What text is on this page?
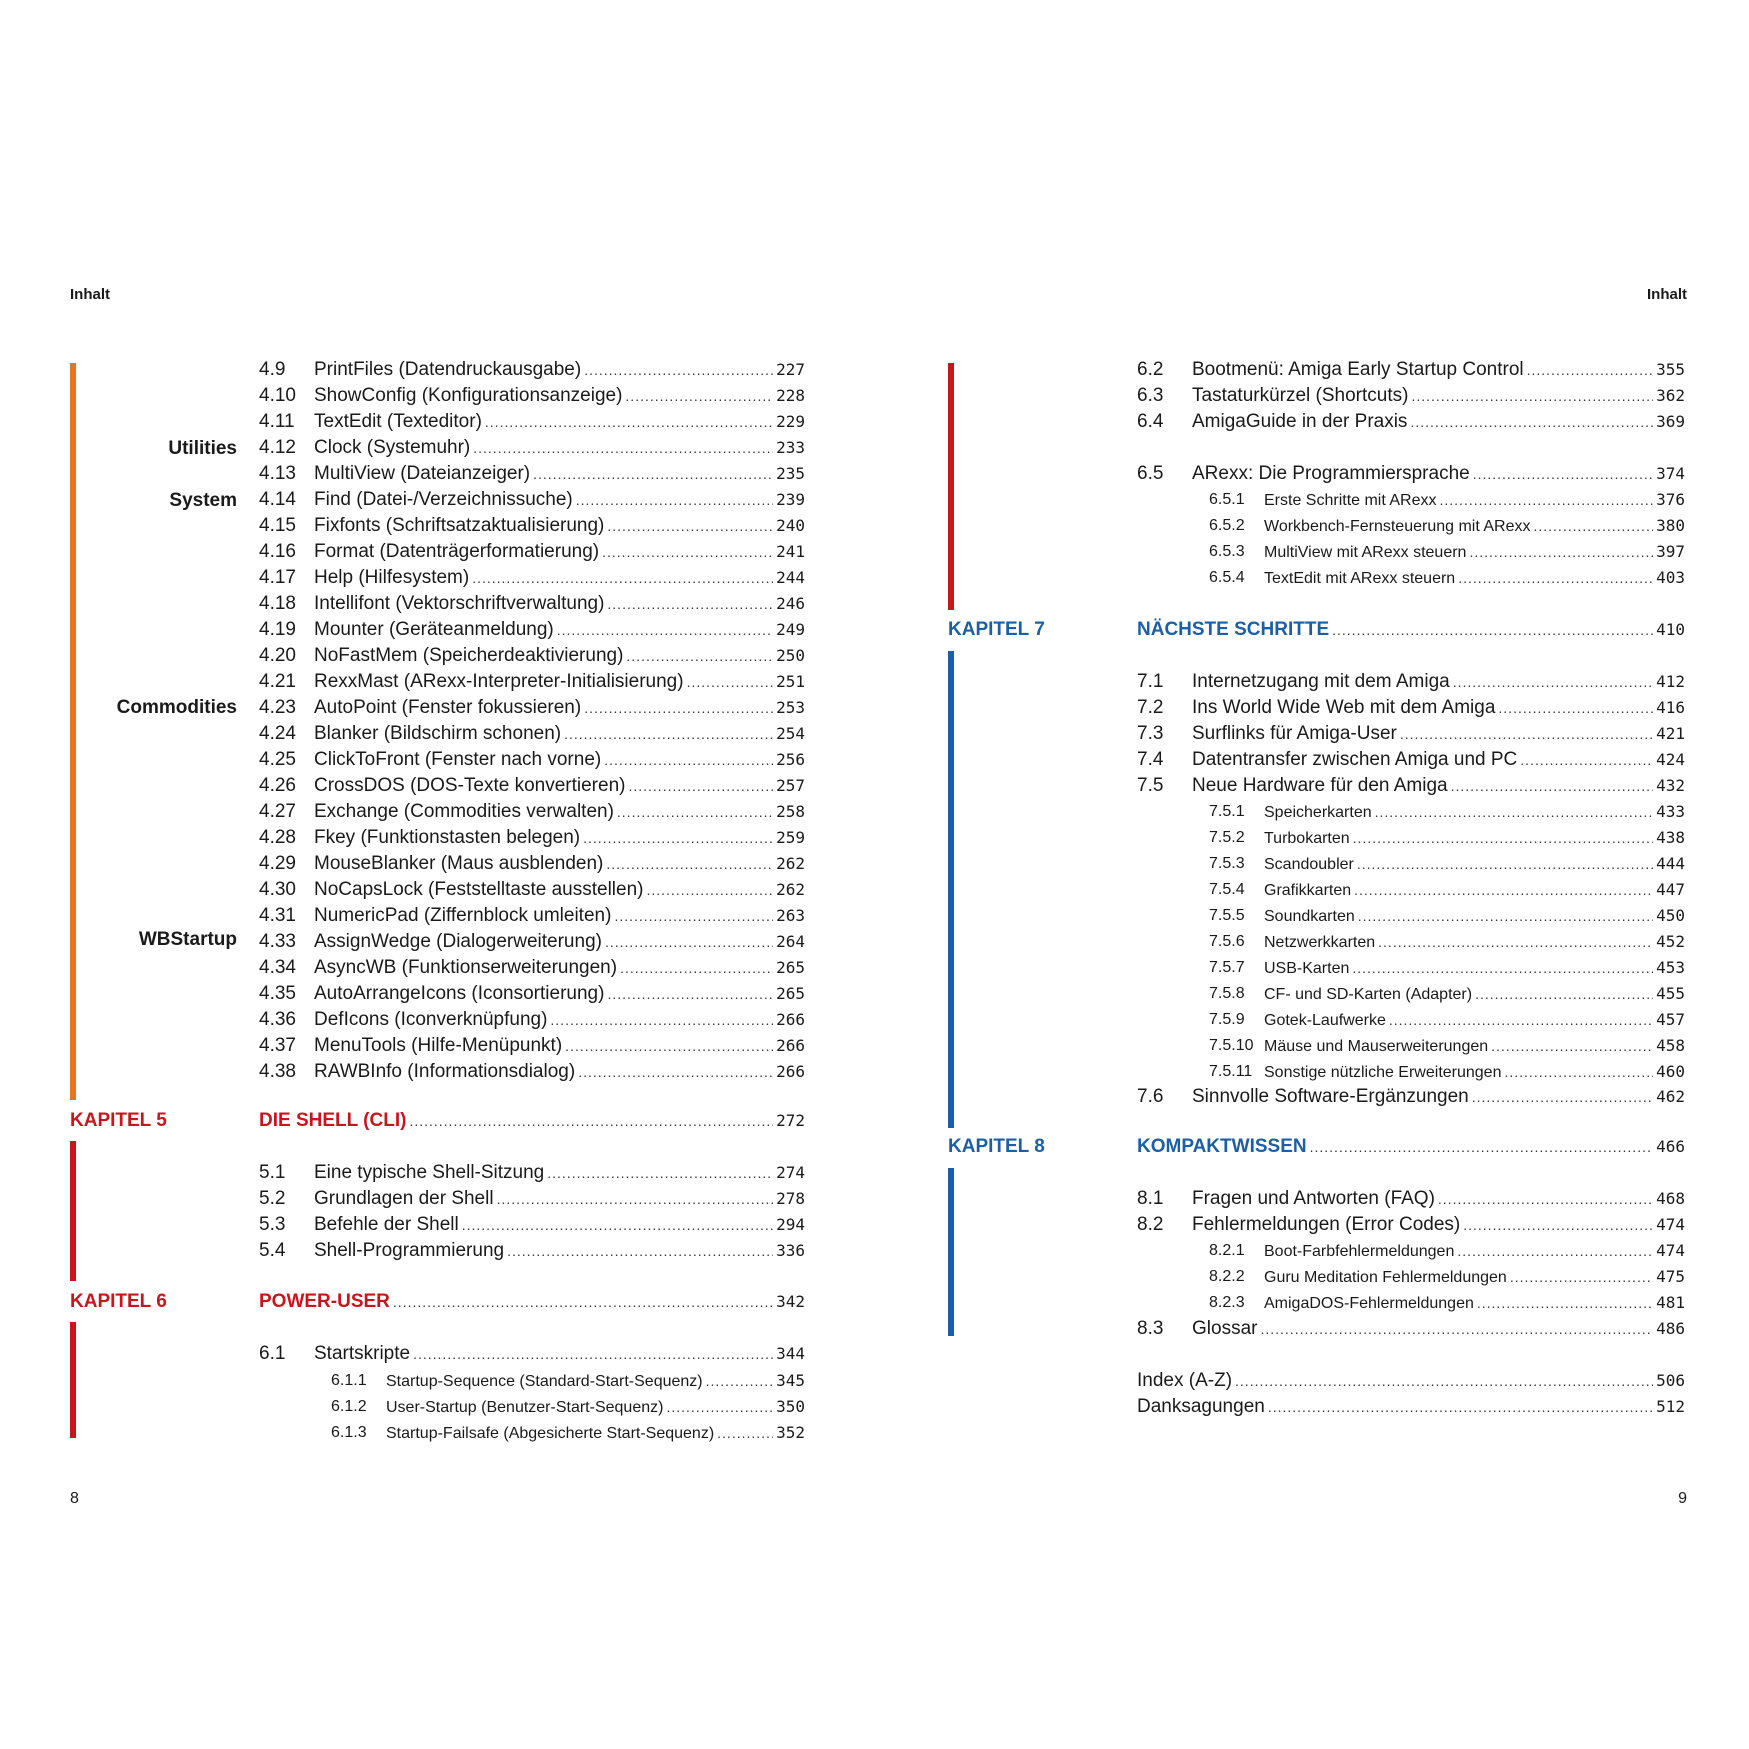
Inhalt
Utilities
System
Commodities
WBStartup
4.9 PrintFiles (Datendruckausgabe) .....	227
4.10 ShowConfig (Konfigurationsanzeige) .....	228
4.11 TextEdit (Texteditor) .....	229
4.12 Clock (Systemuhr) .....	233
4.13 MultiView (Dateianzeiger) .....	235
4.14 Find (Datei-/Verzeichnissuche) .....	239
4.15 Fixfonts (Schriftsatzaktualisierung) .....	240
4.16 Format (Datenträgerformatierung) .....	241
4.17 Help (Hilfesystem) .....	244
4.18 Intellifont (Vektorschriftverwaltung) .....	246
4.19 Mounter (Geräteanmeldung) .....	249
4.20 NoFastMem (Speicherdeaktivierung) .....	250
4.21 RexxMast (ARexx-Interpreter-Initialisierung) .....	251
4.23 AutoPoint (Fenster fokussieren) .....	253
4.24 Blanker (Bildschirm schonen) .....	254
4.25 ClickToFront (Fenster nach vorne) .....	256
4.26 CrossDOS (DOS-Texte konvertieren) .....	257
4.27 Exchange (Commodities verwalten) .....	258
4.28 Fkey (Funktionstasten belegen) .....	259
4.29 MouseBlanker (Maus ausblenden) .....	262
4.30 NoCapsLock (Feststelltaste ausstellen) .....	262
4.31 NumericPad (Ziffernblock umleiten) .....	263
4.33 AssignWedge (Dialogerweiterung) .....	264
4.34 AsyncWB (Funktionserweiterungen) .....	265
4.35 AutoArrangeIcons (Iconsortierung) .....	265
4.36 DefIcons (Iconverknüpfung) .....	266
4.37 MenuTools (Hilfe-Menüpunkt) .....	266
4.38 RAWBInfo (Informationsdialog) .....	266
KAPITEL 5	DIE SHELL (CLI) .....	272
5.1 Eine typische Shell-Sitzung .....	274
5.2 Grundlagen der Shell .....	278
5.3 Befehle der Shell .....	294
5.4 Shell-Programmierung .....	336
KAPITEL 6	POWER-USER .....	342
6.1 Startskripte .....	344
6.1.1 Startup-Sequence (Standard-Start-Sequenz) .....	345
6.1.2 User-Startup (Benutzer-Start-Sequenz) .....	350
6.1.3 Startup-Failsafe (Abgesicherte Start-Sequenz) .....	352
8
Inhalt
6.2 Bootmenü: Amiga Early Startup Control .....	355
6.3 Tastaturkürzel (Shortcuts) .....	362
6.4 AmigaGuide in der Praxis .....	369
6.5 ARexx: Die Programmiersprache .....	374
6.5.1 Erste Schritte mit ARexx .....	376
6.5.2 Workbench-Fernsteuerung mit ARexx .....	380
6.5.3 MultiView mit ARexx steuern .....	397
6.5.4 TextEdit mit ARexx steuern .....	403
KAPITEL 7	NÄCHSTE SCHRITTE .....	410
7.1 Internetzugang mit dem Amiga .....	412
7.2 Ins World Wide Web mit dem Amiga .....	416
7.3 Surflinks für Amiga-User .....	421
7.4 Datentransfer zwischen Amiga und PC .....	424
7.5 Neue Hardware für den Amiga .....	432
7.5.1 Speicherkarten .....	433
7.5.2 Turbokarten .....	438
7.5.3 Scandoubler .....	444
7.5.4 Grafikkarten .....	447
7.5.5 Soundkarten .....	450
7.5.6 Netzwerkkarten .....	452
7.5.7 USB-Karten .....	453
7.5.8 CF- und SD-Karten (Adapter) .....	455
7.5.9 Gotek-Laufwerke .....	457
7.5.10 Mäuse und Mauserweiterungen .....	458
7.5.11 Sonstige nützliche Erweiterungen .....	460
7.6 Sinnvolle Software-Ergänzungen .....	462
KAPITEL 8	KOMPAKTWISSEN .....	466
8.1 Fragen und Antworten (FAQ) .....	468
8.2 Fehlermeldungen (Error Codes) .....	474
8.2.1 Boot-Farbfehlermeldungen .....	474
8.2.2 Guru Meditation Fehlermeldungen .....	475
8.2.3 AmigaDOS-Fehlermeldungen .....	481
8.3 Glossar .....	486
Index (A-Z) .....	506
Danksagungen .....	512
9
